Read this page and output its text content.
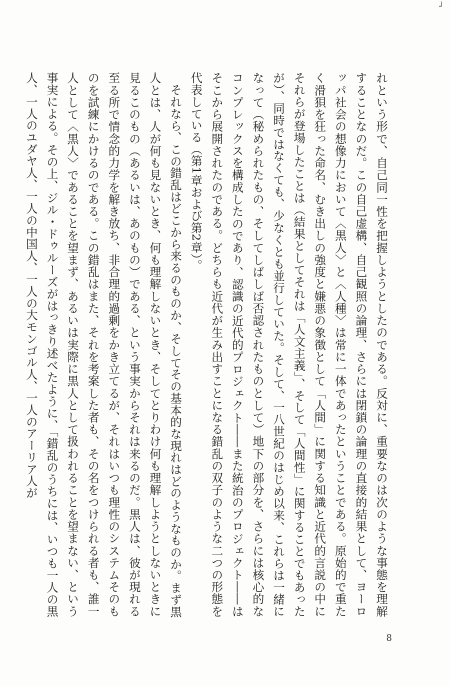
┘

れという形で、自己同一性を把握しようとしたのである。反対に、重要なのは次のような事態を理解することなのだ。この自己虚構、自己観照の論理、さらには閉鎖の論理の直接的結果として、ヨーロッパ社会の想像力において〈黒人〉と〈人種〉は常に一体であったということである。原始的で重たく滑狽を狂った命名、むき出しの強度と嫌悪の象徴として「人間」に関する知識と近代的言説の中にそれらが登場したことは（結果としてそれは「人文主義」、そして「人間性」に関することでもあったが）、同時ではなくても、少なくとも並行していた。そして、一八世紀のはじめ以来、これらは一緒になって（秘められたもの、そしてしばしば否認されたものとして）地下の部分を、さらには核心的なコンプレックスを構成したのであり、認識の近代的プロジェクト――また統治のプロジェクト――はそこから展開されたのである。どちらも近代が生み出すことになる錯乱の双子のような二つの形態を代表している（第1章および第2章）。

それなら、この錯乱はどこから来るのものか、そしてその基本的な現れはどのようなものか。まず黒人とは、人が何も見ないとき、何も理解しないとき、そしてとりわけ何も理解しようとしないときに見るこのもの（あるいは、あのもの）である、という事実からそれは来るのだ。黒人は、彼が現れる至る所で情念的力学を解き放ち、非合理的過剰をかき立てるが、それはいつも理性のシステムそのものを試練にかけるのである。この錯乱はまた、それを考案した者も、その名をつけられる者も、誰一人として〈黒人〉であることを望まず、あるいは実際に黒人として扱われることを望まない、という事実による。その上、ジル・ドゥルーズがはっきり述べたように、「錯乱のうちには、いつも一人の黒人、一人のユダヤ人、一人の中国人、一人の大モンゴル人、一人のアーリア人が

8
